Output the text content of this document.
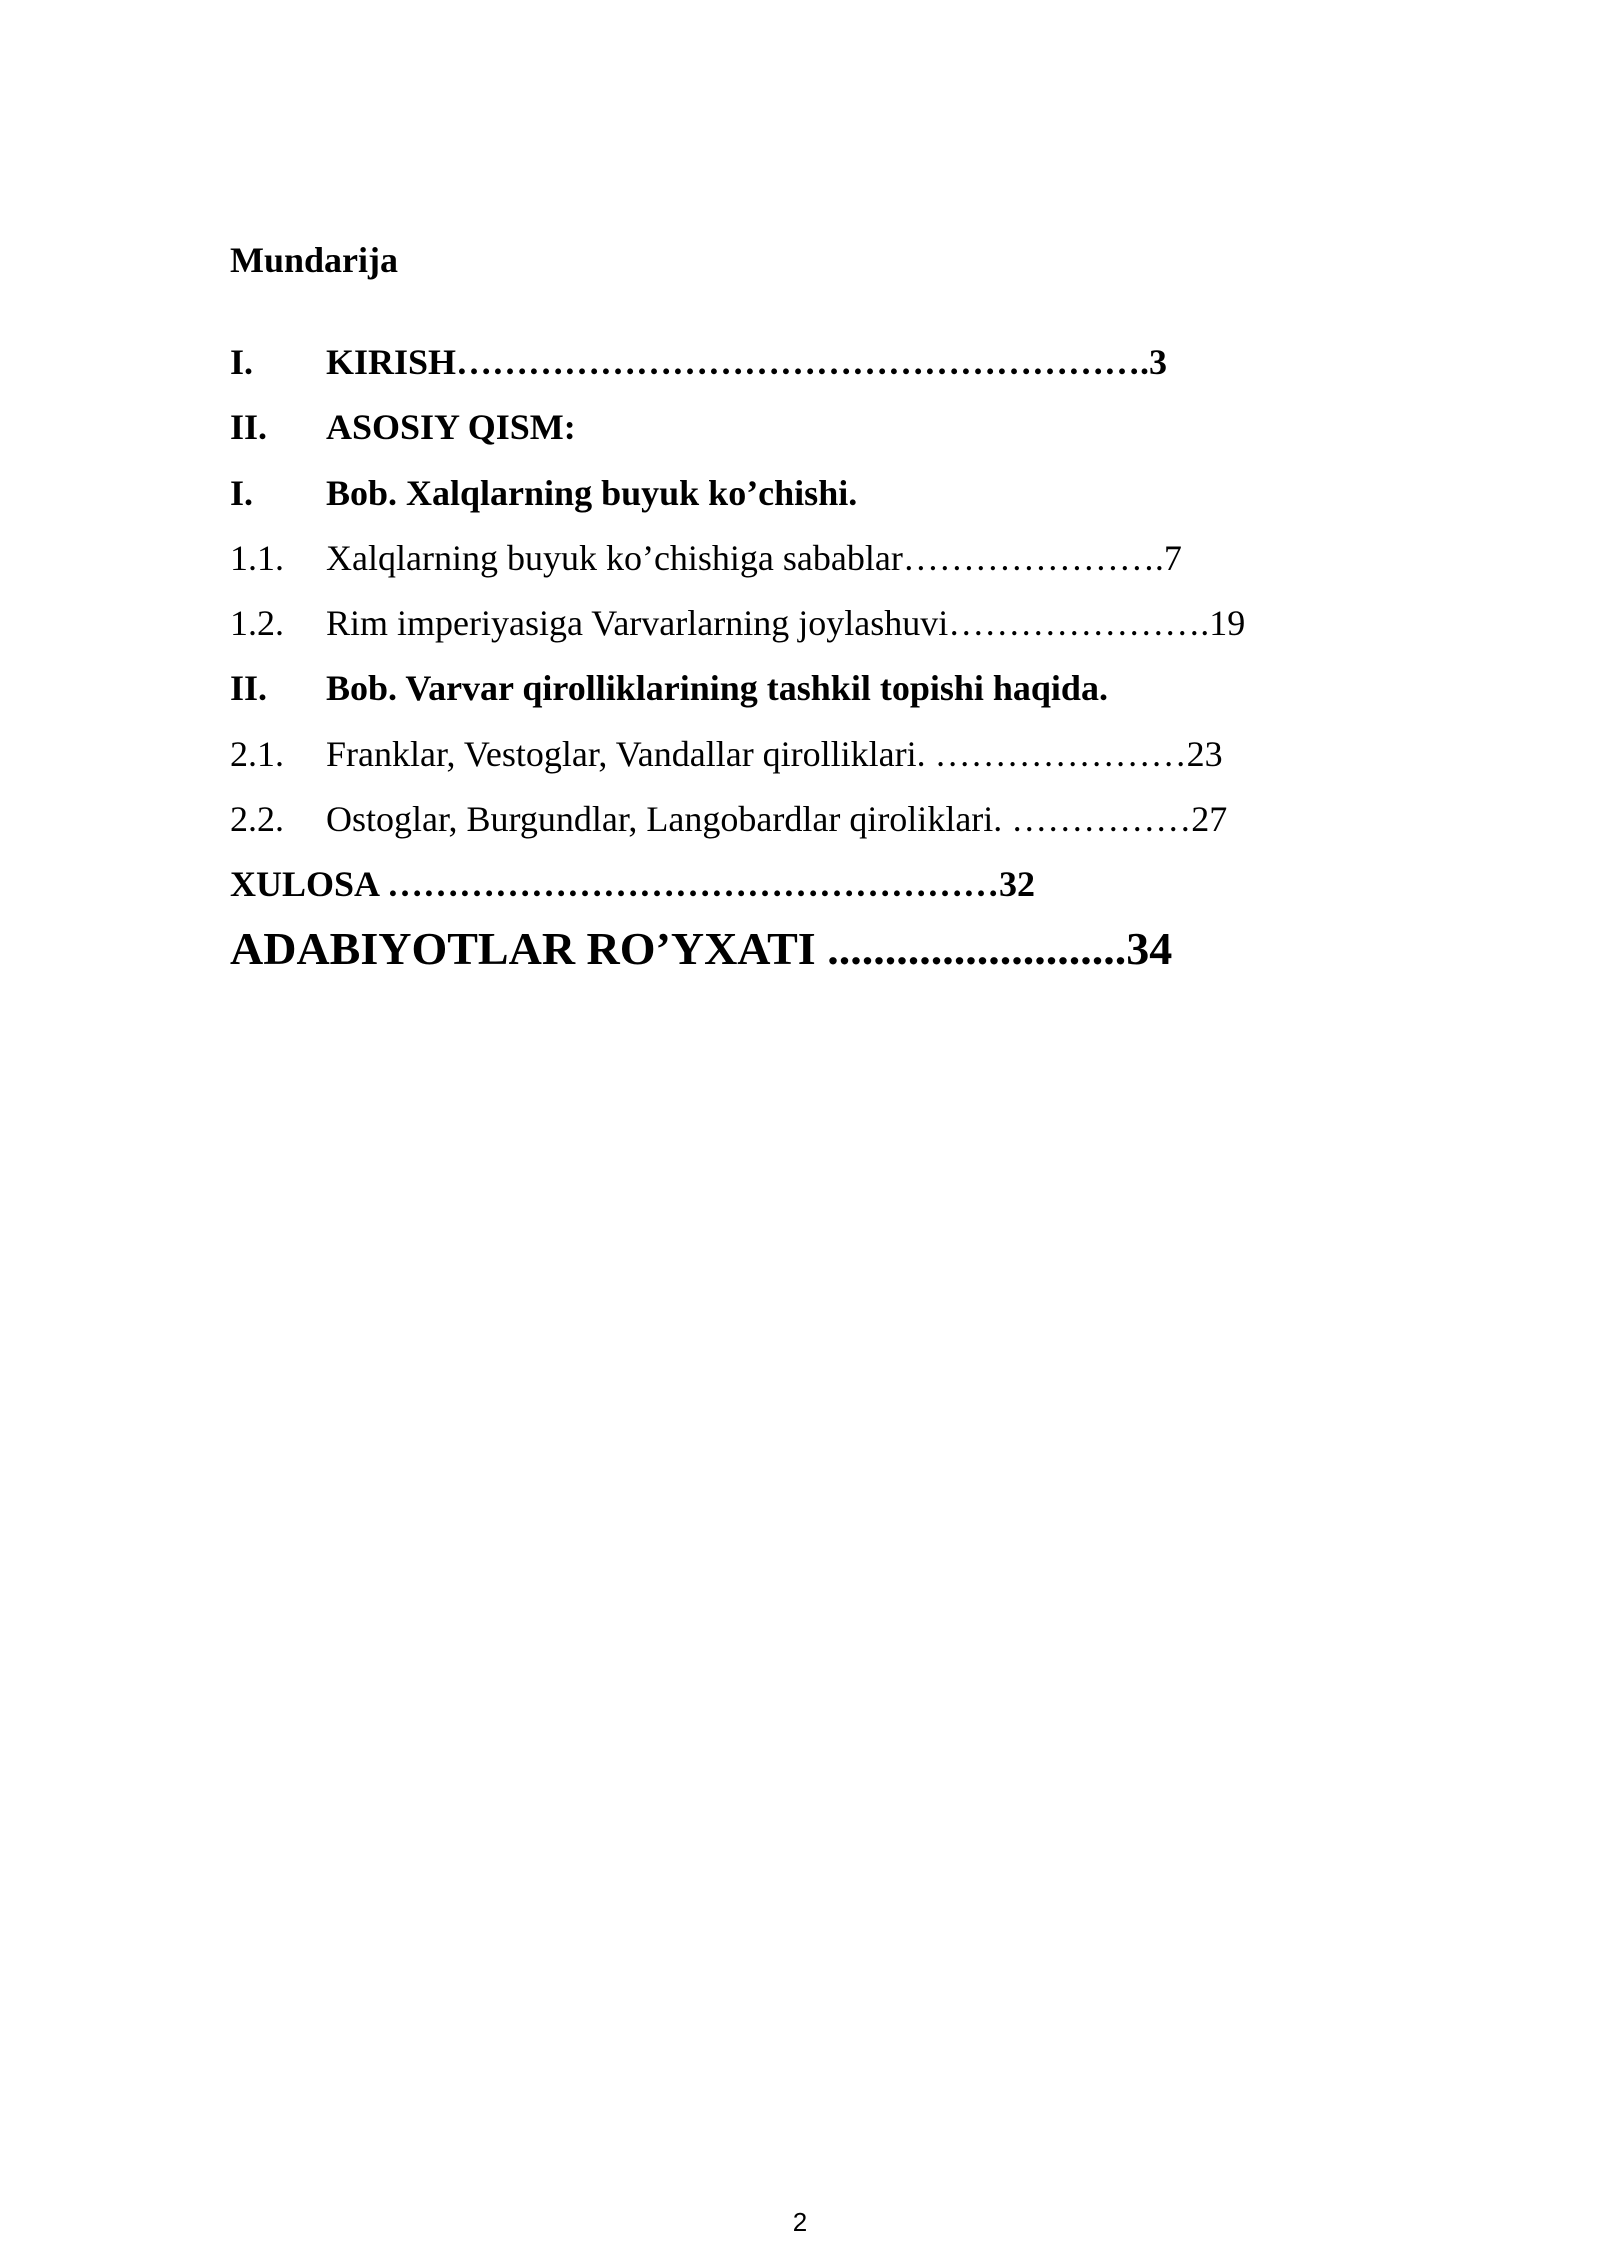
Mundarija
I. KIRISH………………………………………………….3
II. ASOSIY QISM:
I. Bob. Xalqlarning buyuk ko’chishi.
1.1. Xalqlarning buyuk ko’chishiga sabablar………………….7
1.2. Rim imperiyasiga Varvarlarning joylashuvi………………….19
II. Bob. Varvar qirolliklarining tashkil topishi haqida.
2.1. Franklar, Vestoglar, Vandallar qirolliklari. …………………23
2.2. Ostoglar, Burgundlar, Langobardlar qiroliklari. ……………27
XULOSA ……………………………………………32
ADABIYOTLAR RO’YXATI ..........................34
2
